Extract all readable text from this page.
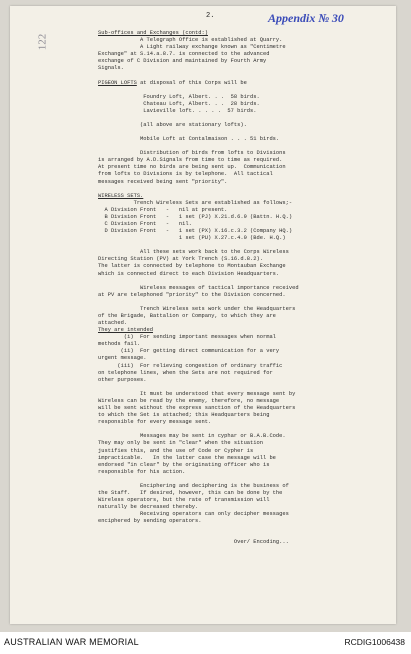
2.	Appendix № 30
122

Sub-offices and Exchanges (contd:)

A Telegraph Office is established at Quarry.

A Light railway exchange known as "Centimetre

Exchange" at S.14.a.8.7. is connected to the advanced

exchange of C Division and maintained by Fourth Army

Signals.

PIGEON LOFTS at disposal of this Corps will be

Foundry Loft, Albert. . .  58 birds.

Chateau Loft, Albert. . .  28 birds.

Lavieville loft. . . . .  57 birds.

(all above are stationary lofts).

Mobile Loft at Contalmaison . . . 51 birds.

Distribution of birds from lofts to Divisions

is arranged by A.D.Signals from time to time as required.

At present time no birds are being sent up.  Communication

from lofts to Divisions is by telephone.  All tactical

messages received being sent "priority".

WIRELESS SETS.

Trench Wireless Sets are established as follows;-

A Division Front   -   nil at present.

B Division Front   -   1 set (PJ) X.21.d.6.9 (Battn. H.Q.)

C Division Front   -   nil.

D Division Front   -   1 set (PX) X.16.c.3.2 (Company HQ.)

1 set (PU) X.27.c.4.0 (Bde. H.Q.)

All these sets work back to the Corps Wireless

Directing Station (PV) at York Trench (S.16.d.8.2).

The latter is connected by telephone to Montauban Exchange

which is connected direct to each Division Headquarters.

Wireless messages of tactical importance received

at PV are telephoned "priority" to the Division concerned.

Trench Wireless sets work under the Headquarters

of the Brigade, Battalion or Company, to which they are

attached.

They are intended

(i)  For sending important messages when normal

methods fail.

(ii)  For getting direct communication for a very

urgent message.

(iii)  For relieving congestion of ordinary traffic

on telephone lines, when the Sets are not required for

other purposes.

It must be understood that every message sent by

Wireless can be read by the enemy, therefore, no message

will be sent without the express sanction of the Headquarters

to which the Set is attached; this Headquarters being

responsible for every message sent.

Messages may be sent in cyphar or B.A.B.Code.

They may only be sent in "clear" when the situation

justifies this, and the use of Code or Cypher is

impracticable.   In the latter case the message will be

endorsed "in clear" by the originating officer who is

responsible for his action.

Enciphering and deciphering is the business of

the Staff.   If desired, however, this can be done by the

Wireless operators, but the rate of transmission will

naturally be decreased thereby.

Receiving operators can only decipher messages

enciphered by sending operators.

Over/ Encoding...

AUSTRALIAN WAR MEMORIAL	RCDIG1006438
